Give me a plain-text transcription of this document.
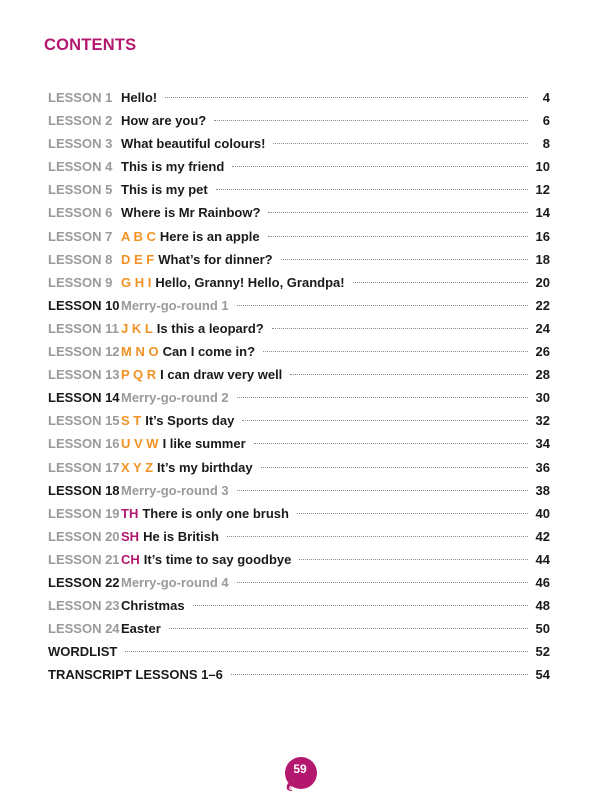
CONTENTS
LESSON 1 Hello!	4
LESSON 2 How are you?	6
LESSON 3 What beautiful colours!	8
LESSON 4 This is my friend	10
LESSON 5 This is my pet	12
LESSON 6 Where is Mr Rainbow?	14
LESSON 7 A B C Here is an apple	16
LESSON 8 D E F What’s for dinner?	18
LESSON 9 G H I Hello, Granny! Hello, Grandpa!	20
LESSON 10 Merry-go-round 1	22
LESSON 11 J K L Is this a leopard?	24
LESSON 12 M N O Can I come in?	26
LESSON 13 P Q R I can draw very well	28
LESSON 14 Merry-go-round 2	30
LESSON 15 S T It’s Sports day	32
LESSON 16 U V W I like summer	34
LESSON 17 X Y Z It’s my birthday	36
LESSON 18 Merry-go-round 3	38
LESSON 19 TH There is only one brush	40
LESSON 20 SH He is British	42
LESSON 21 CH It’s time to say goodbye	44
LESSON 22 Merry-go-round 4	46
LESSON 23 Christmas	48
LESSON 24 Easter	50
WORDLIST	52
TRANSCRIPT LESSONS 1–6	54
59
